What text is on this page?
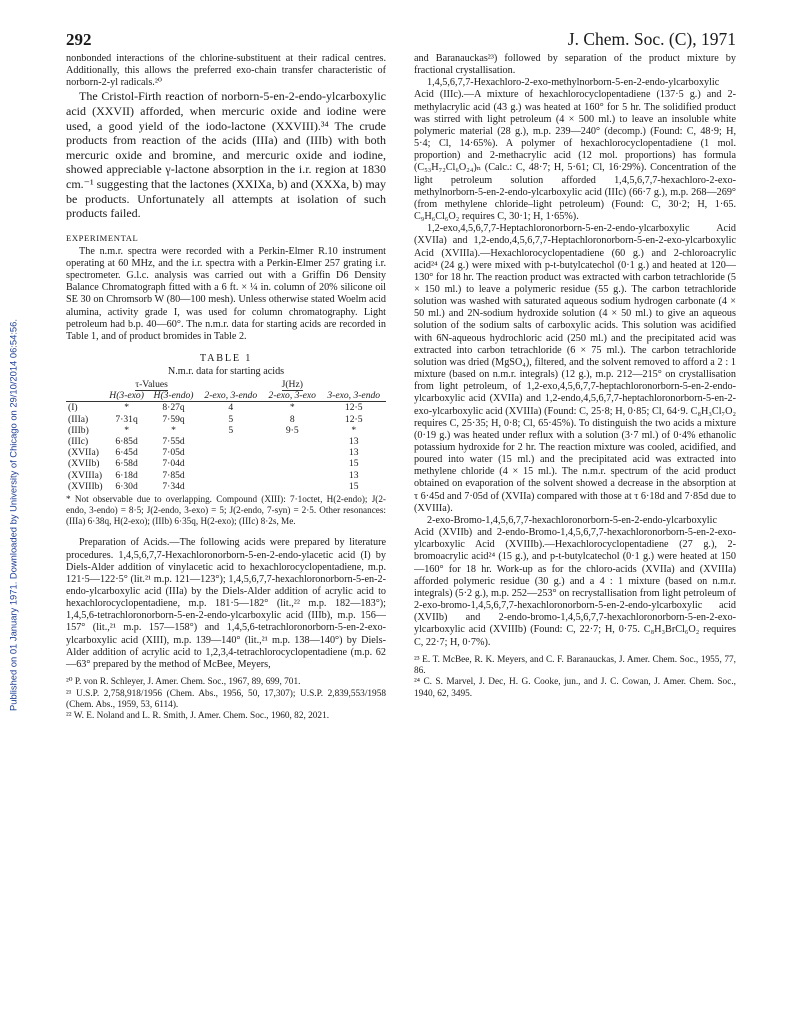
Published on 01 January 1971. Downloaded by University of Chicago on 29/10/2014 06:54:56.
292	J. Chem. Soc. (C), 1971

nonbonded interactions of the chlorine-substituent at their radical centres. Additionally, this allows the preferred exo-chain transfer characteristic of norborn-2-yl radicals.²⁰

The Cristol-Firth reaction of norborn-5-en-2-endo-ylcarboxylic acid (XXVII) afforded, when mercuric oxide and iodine were used, a good yield of the iodo-lactone (XXVIII).³⁴ The crude products from reaction of the acids (IIIa) and (IIIb) with both mercuric oxide and bromine, and mercuric oxide and iodine, showed appreciable γ-lactone absorption in the i.r. region at 1830 cm.⁻¹ suggesting that the lactones (XXIXa, b) and (XXXa, b) may be products. Unfortunately all attempts at isolation of such products failed.

EXPERIMENTAL

The n.m.r. spectra were recorded with a Perkin-Elmer R.10 instrument operating at 60 MHz, and the i.r. spectra with a Perkin-Elmer 257 grating i.r. spectrometer. G.l.c. analysis was carried out with a Griffin D6 Density Balance Chromatograph fitted with a 6 ft. × ¼ in. column of 20% silicone oil SE 30 on Chromsorb W (80—100 mesh). Unless otherwise stated Woelm acid alumina, activity grade I, was used for column chromatography. Light petroleum had b.p. 40—60°. The n.m.r. data for starting acids are recorded in Table 1, and of product bromides in Table 2.

TABLE 1
N.m.r. data for starting acids
	τ-Values		J(Hz)		
	H(3-exo)	H(3-endo)	2-exo, 3-endo	2-exo, 3-exo	3-exo, 3-endo
(I)	*	8·27q	4	*	12·5
(IIIa)	7·31q	7·59q	5	8	12·5
(IIIb)	*	*	5	9·5	*
(IIIc)	6·85d	7·55d			13
(XVIIa)	6·45d	7·05d			13
(XVIIb)	6·58d	7·04d			15
(XVIIIa)	6·18d	7·85d			13
(XVIIIb)	6·30d	7·34d			15
* Not observable due to overlapping. Compound (XIII): 7·1octet, H(2-endo); J(2-endo, 3-endo) = 8·5; J(2-endo, 3-exo) = 5; J(2-endo, 7-syn) = 2·5. Other resonances: (IIIa) 6·38q, H(2-exo); (IIIb) 6·35q, H(2-exo); (IIIc) 8·2s, Me.

Preparation of Acids.—The following acids were prepared by literature procedures. 1,4,5,6,7,7-Hexachloronorborn-5-en-2-endo-ylacetic acid (I) by Diels-Alder addition of vinylacetic acid to hexachlorocyclopentadiene, m.p. 121·5—122·5° (lit.²¹ m.p. 121—123°); 1,4,5,6,7,7-hexachloronorborn-5-en-2-endo-ylcarboxylic acid (IIIa) by the Diels-Alder addition of acrylic acid to hexachlorocyclopentadiene, m.p. 181·5—182° (lit.,²² m.p. 182—183°); 1,4,5,6-tetrachloronorborn-5-en-2-endo-ylcarboxylic acid (IIIb), m.p. 156—157° (lit.,²¹ m.p. 157—158°) and 1,4,5,6-tetrachloronorborn-5-en-2-exo-ylcarboxylic acid (XIII), m.p. 139—140° (lit.,²¹ m.p. 138—140°) by Diels-Alder addition of acrylic acid to 1,2,3,4-tetrachlorocyclopentadiene (m.p. 62—63° prepared by the method of McBee, Meyers,

²⁰ P. von R. Schleyer, J. Amer. Chem. Soc., 1967, 89, 699, 701.
²¹ U.S.P. 2,758,918/1956 (Chem. Abs., 1956, 50, 17,307); U.S.P. 2,839,553/1958 (Chem. Abs., 1959, 53, 6114).
²² W. E. Noland and L. R. Smith, J. Amer. Chem. Soc., 1960, 82, 2021.

and Baranauckas²³) followed by separation of the product mixture by fractional crystallisation.

1,4,5,6,7,7-Hexachloro-2-exo-methylnorborn-5-en-2-endo-ylcarboxylic Acid (IIIc).—A mixture of hexachlorocyclopentadiene (137·5 g.) and 2-methylacrylic acid (43 g.) was heated at 160° for 5 hr. The solidified product was stirred with light petroleum (4 × 500 ml.) to leave an insoluble white polymeric material (28 g.), m.p. 239—240° (decomp.) (Found: C, 48·9; H, 5·4; Cl, 14·65%). A polymer of hexachlorocyclopentadiene (1 mol. proportion) and 2-methacrylic acid (12 mol. proportions) has formula (C₅₃H₇₂Cl₆O₂₄)ₙ (Calc.: C, 48·7; H, 5·61; Cl, 16·29%). Concentration of the light petroleum solution afforded 1,4,5,6,7,7-hexachloro-2-exo-methylnorborn-5-en-2-endo-ylcarboxylic acid (IIIc) (66·7 g.), m.p. 268—269° (from methylene chloride–light petroleum) (Found: C, 30·2; H, 1·65. C₉H₆Cl₆O₂ requires C, 30·1; H, 1·65%).

1,2-exo,4,5,6,7,7-Heptachloronorborn-5-en-2-endo-ylcarboxylic Acid (XVIIa) and 1,2-endo,4,5,6,7,7-Heptachloronorborn-5-en-2-exo-ylcarboxylic Acid (XVIIIa).—Hexachlorocyclopentadiene (60 g.) and 2-chloroacrylic acid²⁴ (24 g.) were mixed with p-t-butylcatechol (0·1 g.) and heated at 120—130° for 18 hr. The reaction product was extracted with carbon tetrachloride (5 × 150 ml.) to leave a polymeric residue (55 g.). The carbon tetrachloride solution was washed with saturated aqueous sodium hydrogen carbonate (4 × 50 ml.) and 2N-sodium hydroxide solution (4 × 50 ml.) to give an aqueous solution of the sodium salts of carboxylic acids. This solution was acidified with 6N-aqueous hydrochloric acid (250 ml.) and the precipitated acid was extracted into carbon tetrachloride (6 × 75 ml.). The carbon tetrachloride solution was dried (MgSO₄), filtered, and the solvent removed to afford a 2 : 1 mixture (based on n.m.r. integrals) (12 g.), m.p. 212—215° on crystallisation from light petroleum, of 1,2-exo,4,5,6,7,7-heptachloronorborn-5-en-2-endo-ylcarboxylic acid (XVIIa) and 1,2-endo,4,5,6,7,7-heptachloronorborn-5-en-2-exo-ylcarboxylic acid (XVIIIa) (Found: C, 25·8; H, 0·85; Cl, 64·9. C₈H₃Cl₇O₂ requires C, 25·35; H, 0·8; Cl, 65·45%). To distinguish the two acids a mixture (0·19 g.) was heated under reflux with a solution (3·7 ml.) of 0·4% ethanolic potassium hydroxide for 2 hr. The reaction mixture was cooled, acidified, and poured into water (15 ml.) and the precipitated acid was extracted into methylene chloride (4 × 15 ml.). The n.m.r. spectrum of the acid product obtained on evaporation of the solvent showed a decrease in the absorption at τ 6·45d and 7·05d of (XVIIa) compared with those at τ 6·18d and 7·85d due to (XVIIIa).

2-exo-Bromo-1,4,5,6,7,7-hexachloronorborn-5-en-2-endo-ylcarboxylic Acid (XVIIb) and 2-endo-Bromo-1,4,5,6,7,7-hexachloronorborn-5-en-2-exo-ylcarboxylic Acid (XVIIIb).—Hexachlorocyclopentadiene (27 g.), 2-bromoacrylic acid²⁴ (15 g.), and p-t-butylcatechol (0·1 g.) were heated at 150—160° for 18 hr. Work-up as for the chloro-acids (XVIIa) and (XVIIIa) afforded polymeric residue (30 g.) and a 4 : 1 mixture (based on n.m.r. integrals) (5·2 g.), m.p. 252—253° on recrystallisation from light petroleum of 2-exo-bromo-1,4,5,6,7,7-hexachloronorborn-5-en-2-endo-ylcarboxylic acid (XVIIb) and 2-endo-bromo-1,4,5,6,7,7-hexachloronorborn-5-en-2-exo-ylcarboxylic acid (XVIIIb) (Found: C, 22·7; H, 0·75. C₈H₃BrCl₆O₂ requires C, 22·7; H, 0·7%).

²³ E. T. McBee, R. K. Meyers, and C. F. Baranauckas, J. Amer. Chem. Soc., 1955, 77, 86.
²⁴ C. S. Marvel, J. Dec, H. G. Cooke, jun., and J. C. Cowan, J. Amer. Chem. Soc., 1940, 62, 3495.
